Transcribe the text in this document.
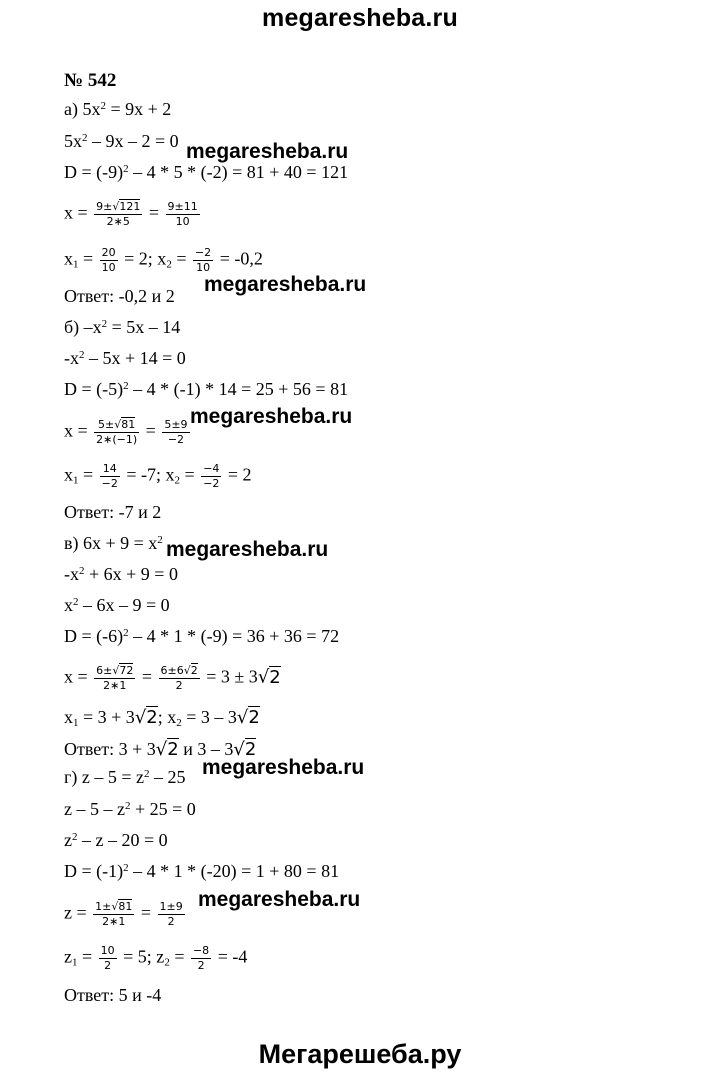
megaresheba.ru
№ 542
а) $5x^2 = 9x + 2$
$5x^2 - 9x - 2 = 0$
$D = (-9)^2 - 4 * 5 * (-2) = 81 + 40 = 121$
$x = \frac{9\pm√121}{2∗5} = \frac{9\pm 11}{10}$
$x_1 = \frac{20}{10} = 2$; $x_2 = \frac{-2}{10} = -0,2$
Ответ: -0,2 и 2
б) $-x^2 = 5x - 14$
$-x^2 - 5x + 14 = 0$
$D = (-5)^2 - 4 * (-1) * 14 = 25 + 56 = 81$
$x = \frac{5\pm√81}{2∗(-1)} = \frac{5\pm 9}{-2}$
$x_1 = \frac{14}{-2} = -7$; $x_2 = \frac{-4}{-2} = 2$
Ответ: -7 и 2
в) $6x + 9 = x^2$
$-x^2 + 6x + 9 = 0$
$x^2 - 6x - 9 = 0$
$D = (-6)^2 - 4 * 1 * (-9) = 36 + 36 = 72$
$x = \frac{6\pm√72}{2∗1} = \frac{6\pm 6√2}{2} = 3 \pm 3√2$
$x_1 = 3 + 3√2$; $x_2 = 3 - 3√2$
Ответ: 3 + 3√2 и 3 – 3√2
г) $z - 5 = z^2 - 25$
$z - 5 - z^2 + 25 = 0$
$z^2 - z - 20 = 0$
$D = (-1)^2 - 4 * 1 * (-20) = 1 + 80 = 81$
$z = \frac{1\pm√81}{2∗1} = \frac{1\pm 9}{2}$
$z_1 = \frac{10}{2} = 5$; $z_2 = \frac{-8}{2} = -4$
Ответ: 5 и -4
megaresheba.ru
megaresheba.ru
megaresheba.ru
megaresheba.ru
megaresheba.ru
megaresheba.ru
Мегарешеба.ру
